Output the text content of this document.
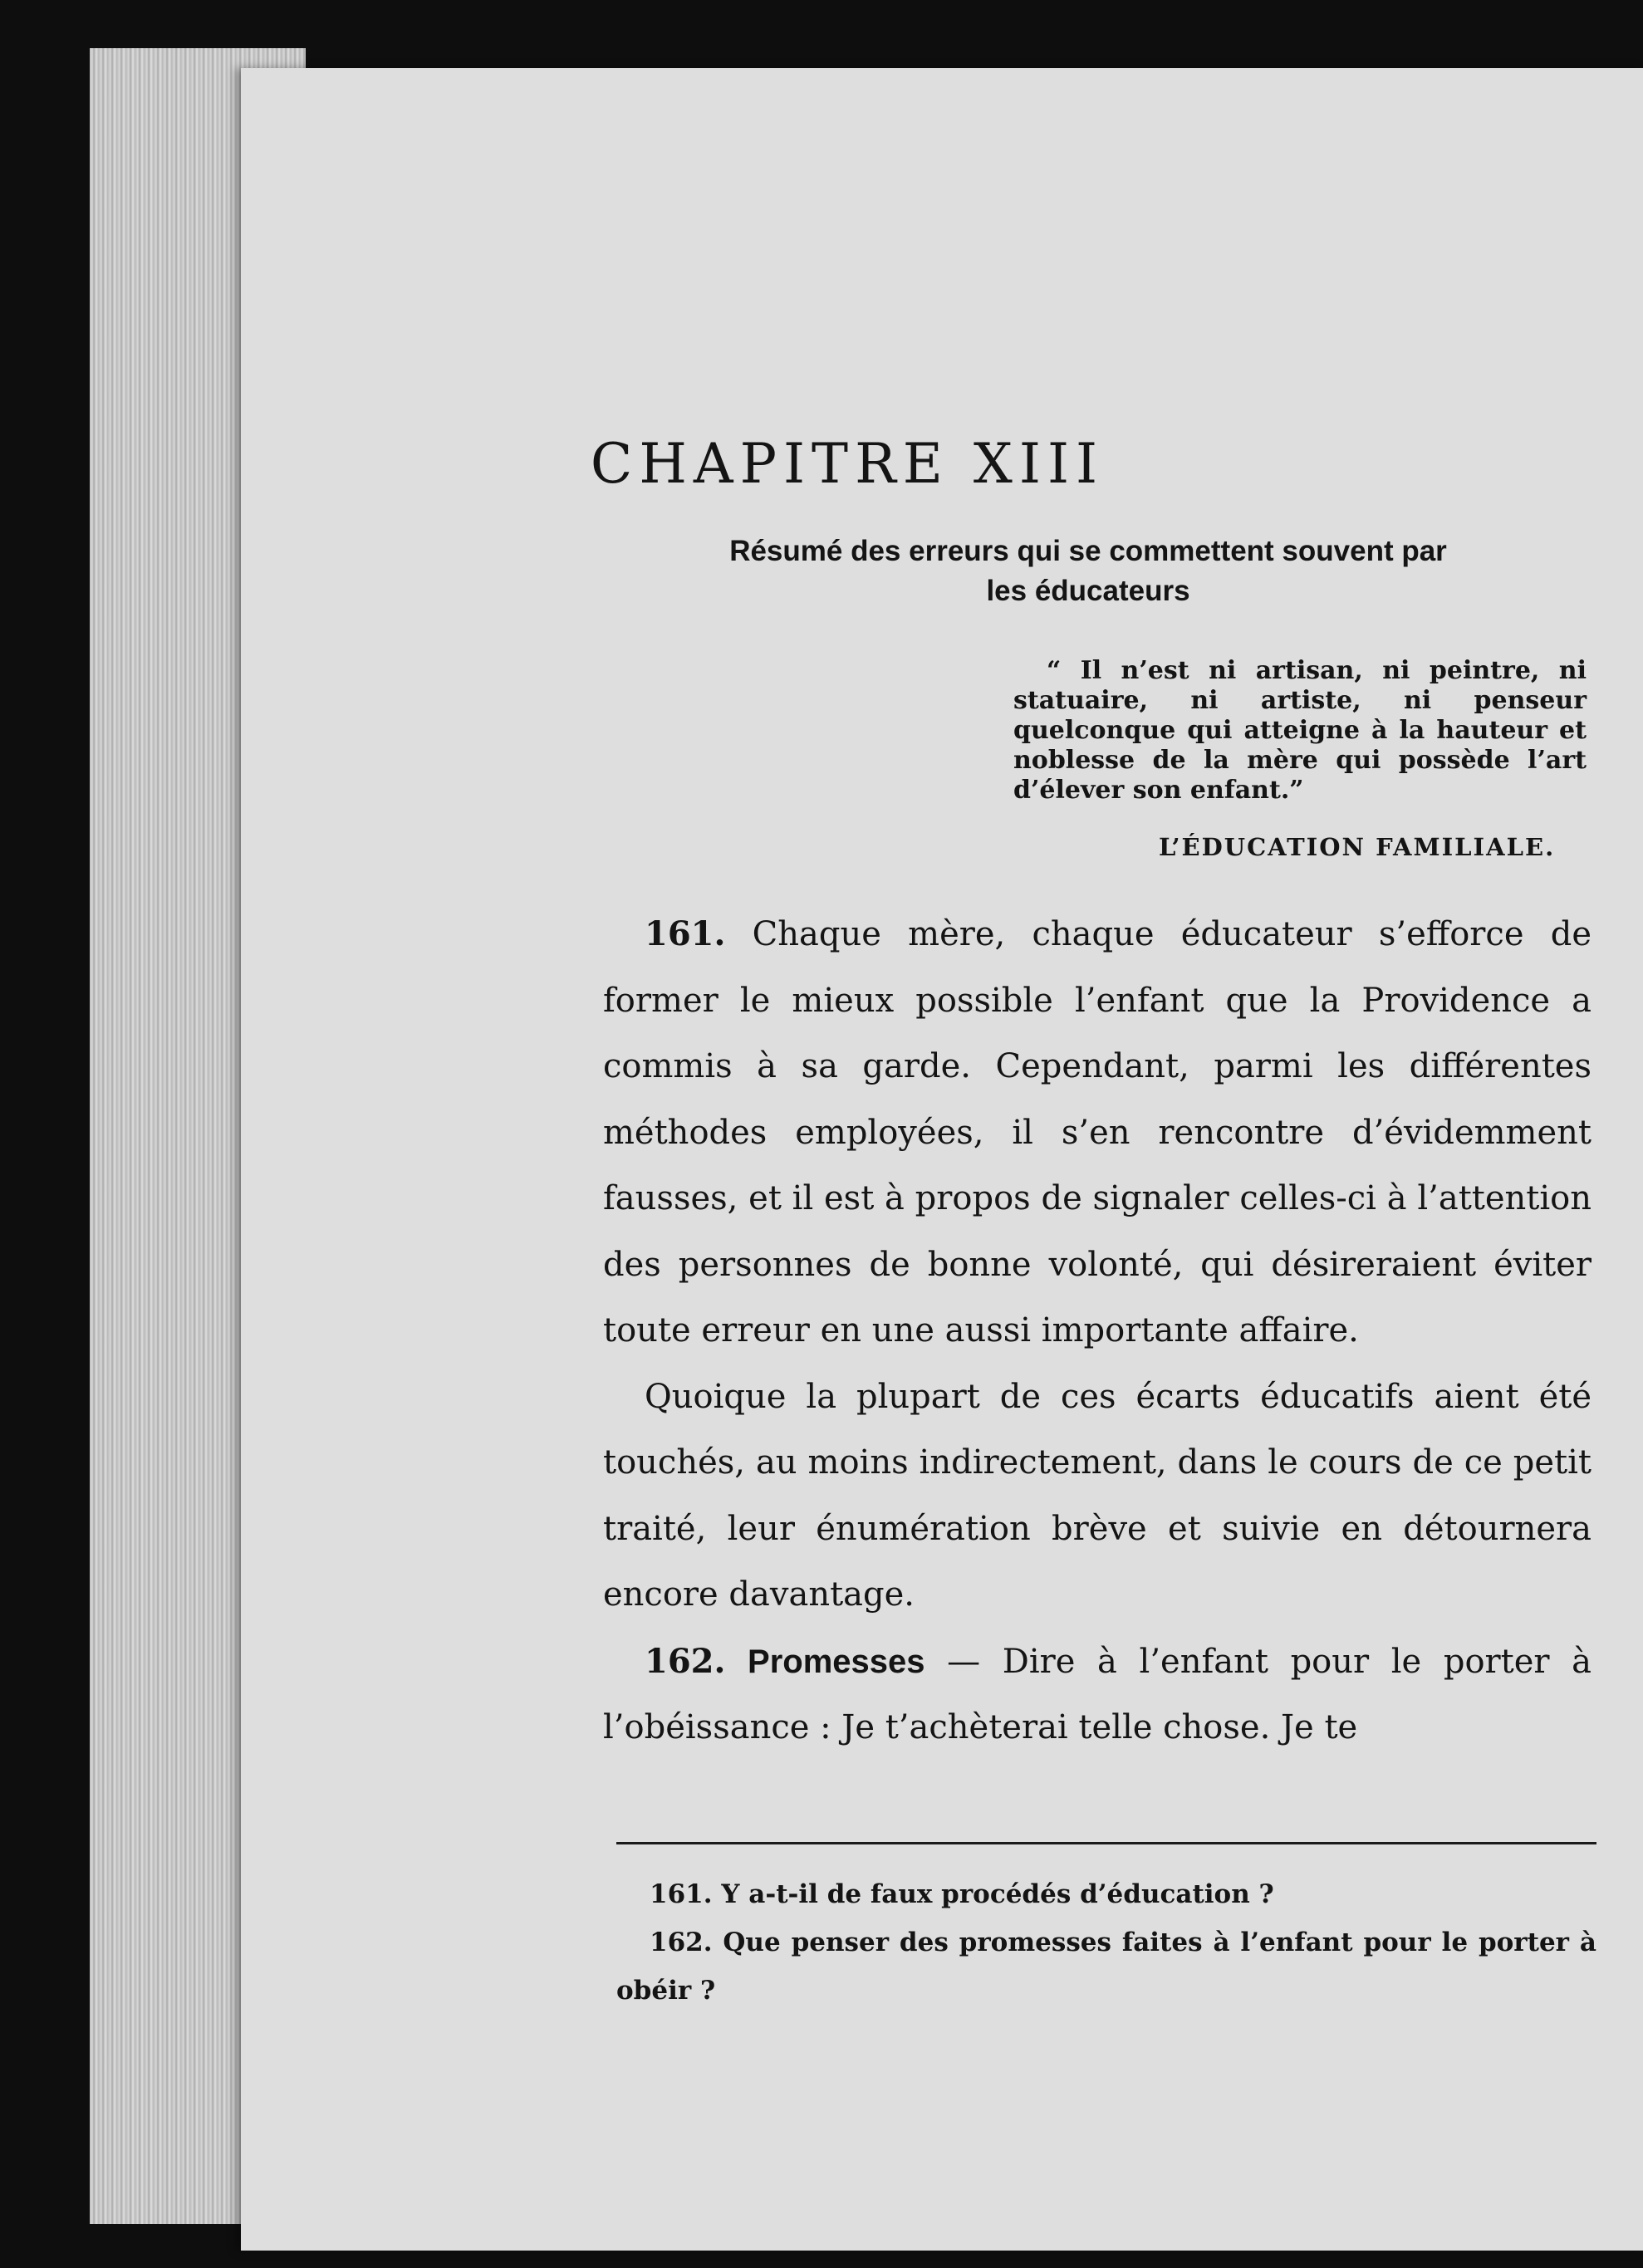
CHAPITRE XIII
Résumé des erreurs qui se commettent souvent par
les éducateurs
“ Il n’est ni artisan, ni peintre, ni statuaire, ni artiste, ni penseur quelconque qui atteigne à la hauteur et noblesse de la mère qui possède l’art d’élever son enfant.”
L’ÉDUCATION FAMILIALE.

161. Chaque mère, chaque éducateur s’efforce de former le mieux possible l’enfant que la Providence a commis à sa garde. Cependant, parmi les différentes méthodes employées, il s’en rencontre d’évidemment fausses, et il est à propos de signaler celles-ci à l’attention des personnes de bonne volonté, qui désireraient éviter toute erreur en une aussi importante affaire.

Quoique la plupart de ces écarts éducatifs aient été touchés, au moins indirectement, dans le cours de ce petit traité, leur énumération brève et suivie en détournera encore davantage.

162. Promesses — Dire à l’enfant pour le porter à l’obéissance : Je t’achèterai telle chose. Je te

161. Y a-t-il de faux procédés d’éducation ?

162. Que penser des promesses faites à l’enfant pour le porter à obéir ?
